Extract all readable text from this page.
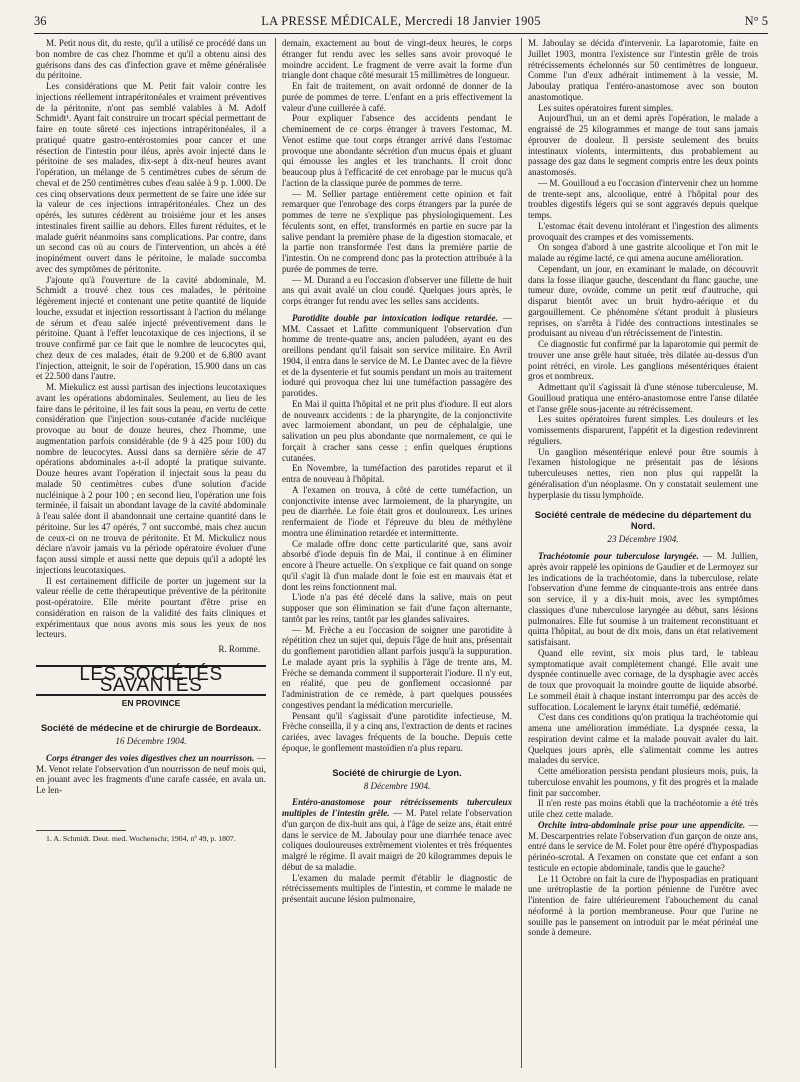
36	LA PRESSE MÉDICALE, Mercredi 18 Janvier 1905	N° 5

M. Petit nous dit, du reste, qu'il a utilisé ce procédé dans un bon nombre de cas chez l'homme et qu'il a obtenu ainsi des guérisons dans des cas d'infection grave et même généralisée du péritoine.

Les considérations que M. Petit fait valoir contre les injections réellement intrapéritonéales et vraiment préventives de la péritonite, n'ont pas semblé valables à M. Adolf Schmidt¹. Ayant fait construire un trocart spécial permettant de faire en toute sûreté ces injections intrapéritonéales, il a pratiqué quatre gastro-entérostomies pour cancer et une résection de l'intestin pour iléus, après avoir injecté dans le péritoine de ses malades, dix-sept à dix-neuf heures avant l'opération, un mélange de 5 centimètres cubes de sérum de cheval et de 250 centimètres cubes d'eau salée à 9 p. 1.000. De ces cinq observations deux permettent de se faire une idée sur la valeur de ces injections intrapéritonéales. Chez un des opérés, les sutures cédèrent au troisième jour et les anses intestinales firent saillie au dehors. Elles furent réduites, et le malade guérit néanmoins sans complications. Par contre, dans un second cas où au cours de l'intervention, un abcès a été inopinément ouvert dans le péritoine, le malade succomba avec des symptômes de péritonite.

J'ajoute qu'à l'ouverture de la cavité abdominale, M. Schmidt a trouvé chez tous ces malades, le péritoine légèrement injecté et contenant une petite quantité de liquide louche, exsudat et injection ressortissant à l'action du mélange de sérum et d'eau salée injecté préventivement dans le péritoine. Quant à l'effet leucotaxique de ces injections, il se trouve confirmé par ce fait que le nombre de leucocytes qui, chez deux de ces malades, était de 9.200 et de 6.800 avant l'injection, atteignit, le soir de l'opération, 15.900 dans un cas et 22.500 dans l'autre.

M. Miekulicz est aussi partisan des injections leucotaxiques avant les opérations abdominales. Seulement, au lieu de les faire dans le péritoine, il les fait sous la peau, en vertu de cette considération que l'injection sous-cutanée d'acide nucléique provoque au bout de douze heures, chez l'homme, une augmentation parfois considérable (de 9 à 425 pour 100) du nombre de leucocytes. Aussi dans sa dernière série de 47 opérations abdominales a-t-il adopté la pratique suivante. Douze heures avant l'opération il injectait sous la peau du malade 50 centimètres cubes d'une solution d'acide nucléinique à 2 pour 100 ; en second lieu, l'opération une fois terminée, il faisait un abondant lavage de la cavité abdominale à l'eau salée dont il abandonnait une certaine quantité dans le péritoine. Sur les 47 opérés, 7 ont succombé, mais chez aucun de ceux-ci on ne trouva de péritonite. Et M. Mickulicz nous déclare n'avoir jamais vu la période opératoire évoluer d'une façon aussi simple et aussi nette que depuis qu'il a adopté les injections leucotaxiques.

Il est certainement difficile de porter un jugement sur la valeur réelle de cette thérapeutique préventive de la péritonite post-opératoire. Elle mérite pourtant d'être prise en considération en raison de la validité des faits cliniques et expérimentaux que nous avons mis sous les yeux de nos lecteurs.

R. Romme.

LES SOCIÉTÉS SAVANTES
EN PROVINCE
Société de médecine et de chirurgie de Bordeaux.
16 Décembre 1904.

Corps étranger des voies digestives chez un nourrisson. — M. Venot relate l'observation d'un nourrisson de neuf mois qui, en jouant avec les fragments d'une carafe cassée, en avala un. Le len-

1. A. Schmidt. Deut. med. Wochenschr, 1904, nº 49, p. 1807.

demain, exactement au bout de vingt-deux heures, le corps étranger fut rendu avec les selles sans avoir provoqué le moindre accident. Le fragment de verre avait la forme d'un triangle dont chaque côté mesurait 15 millimètres de longueur.

En fait de traitement, on avait ordonné de donner de la purée de pommes de terre. L'enfant en a pris effectivement la valeur d'une cuillerée à café.

Pour expliquer l'absence des accidents pendant le cheminement de ce corps étranger à travers l'estomac, M. Venot estime que tout corps étranger arrivé dans l'estomac provoque une abondante sécrétion d'un mucus épais et gluant qui émousse les angles et les tranchants. Il croit donc beaucoup plus à l'efficacité de cet enrobage par le mucus qu'à l'action de la classique purée de pommes de terre.

— M. Sellier partage entièrement cette opinion et fait remarquer que l'enrobage des corps étrangers par la purée de pommes de terre ne s'explique pas physiologiquement. Les féculents sont, en effet, transformés en partie en sucre par la salive pendant la première phase de la digestion stomacale, et la partie non transformée l'est dans la première partie de l'intestin. On ne comprend donc pas la protection attribuée à la purée de pommes de terre.

— M. Durand a eu l'occasion d'observer une fillette de huit ans qui avait avalé un clou coudé. Quelques jours après, le corps étranger fut rendu avec les selles sans accidents.

Parotidite double par intoxication iodique retardée. — MM. Cassaet et Lafitte communiquent l'observation d'un homme de trente-quatre ans, ancien paludéen, ayant eu des oreillons pendant qu'il faisait son service militaire. En Avril 1904, il entra dans le service de M. Le Dantec avec de la fièvre et de la dysenterie et fut soumis pendant un mois au traitement ioduré qui provoqua chez lui une tuméfaction passagère des parotides.

En Mai il quitta l'hôpital et ne prit plus d'iodure. Il eut alors de nouveaux accidents : de la pharyngite, de la conjonctivite avec larmoiement abondant, un peu de céphalalgie, une salivation un peu plus abondante que normalement, ce qui le forçait à cracher sans cesse ; enfin quelques éruptions cutanées.

En Novembre, la tuméfaction des parotides reparut et il entra de nouveau à l'hôpital.

A l'examen on trouva, à côté de cette tuméfaction, un conjonctivite intense avec larmoiement, de la pharyngite, un peu de diarrhée. Le foie était gros et douloureux. Les urines renfermaient de l'iode et l'épreuve du bleu de méthylène montra une élimination retardée et intermittente.

Ce malade offre donc cette particularité que, sans avoir absorbé d'iode depuis fin de Mai, il continue à en éliminer encore à l'heure actuelle. On s'explique ce fait quand on songe qu'il s'agit là d'un malade dont le foie est en mauvais état et dont les reins fonctionnent mal.

L'iode n'a pas été décelé dans la salive, mais on peut supposer que son élimination se fait d'une façon alternante, tantôt par les reins, tantôt par les glandes salivaires.

— M. Frèche a eu l'occasion de soigner une parotidite à répétition chez un sujet qui, depuis l'âge de huit ans, présentait du gonflement parotidien allant parfois jusqu'à la suppuration. Le malade ayant pris la syphilis à l'âge de trente ans, M. Frèche se demanda comment il supporterait l'iodure. Il n'y eut, en réalité, que peu de gonflement occasionné par l'administration de ce remède, à part quelques poussées congestives pendant la médication mercurielle.

Pensant qu'il s'agissait d'une parotidite infectieuse, M. Frèche conseilla, il y a cinq ans, l'extraction de dents et racines cariées, avec lavages fréquents de la bouche. Depuis cette époque, le gonflement mastoïdien n'a plus reparu.

Société de chirurgie de Lyon.
8 Décembre 1904.

Entéro-anastomose pour rétrécissements tuberculeux multiples de l'intestin grêle. — M. Patel relate l'observation d'un garçon de dix-huit ans qui, à l'âge de seize ans, était entré dans le service de M. Jaboulay pour une diarrhée tenace avec coliques douloureuses extrêmement violentes et très fréquentes malgré le régime. Il avait maigri de 20 kilogrammes depuis le début de sa maladie.

L'examen du malade permit d'établir le diagnostic de rétrécissements multiples de l'intestin, et comme le malade ne présentait aucune lésion pulmonaire,

M. Jaboulay se décida d'intervenir. La laparotomie, faite en Juillet 1903, montra l'existence sur l'intestin grêle de trois rétrécissements échelonnés sur 50 centimètres de longueur. Comme l'un d'eux adhérait intimement à la vessie, M. Jaboulay pratiqua l'entéro-anastomose avec son bouton anastomotique.

Les suites opératoires furent simples.

Aujourd'hui, un an et demi après l'opération, le malade a engraissé de 25 kilogrammes et mange de tout sans jamais éprouver de douleur. Il persiste seulement des bruits intestinaux violents, intermittents, dus probablement au passage des gaz dans le segment compris entre les deux points anastomosés.

— M. Gouilloud a eu l'occasion d'intervenir chez un homme de trente-sept ans, alcoolique, entré à l'hôpital pour des troubles digestifs légers qui se sont aggravés depuis quelque temps.

L'estomac était devenu intolérant et l'ingestion des aliments provoquait des crampes et des vomissements.

On songea d'abord à une gastrite alcoolique et l'on mit le malade au régime lacté, ce qui amena aucune amélioration.

Cependant, un jour, en examinant le malade, on découvrit dans la fosse iliaque gauche, descendant du flanc gauche, une tumeur dure, ovoïde, comme un petit œuf d'autruche, qui disparut bientôt avec un bruit hydro-aérique et du gargouillement. Ce phénomène s'étant produit à plusieurs reprises, on s'arrêta à l'idée des contractions intestinales se produisant au niveau d'un rétrécissement de l'intestin.

Ce diagnostic fut confirmé par la laparotomie qui permit de trouver une anse grêle haut située, très dilatée au-dessus d'un point rétréci, en virole. Les ganglions mésentériques étaient gros et nombreux.

Admettant qu'il s'agissait là d'une sténose tuberculeuse, M. Gouilloud pratiqua une entéro-anastomose entre l'anse dilatée et l'anse grêle sous-jacente au rétrécissement.

Les suites opératoires furent simples. Les douleurs et les vomissements disparurent, l'appétit et la digestion redevinrent réguliers.

Un ganglion mésentérique enlevé pour être soumis à l'examen histologique ne présentait pas de lésions tuberculeuses nettes, rien non plus qui rappelât la généralisation d'un néoplasme. On y constatait seulement une hyperplasie du tissu lymphoïde.

Société centrale de médecine du département du Nord.
23 Décembre 1904.

Trachéotomie pour tuberculose laryngée. — M. Jullien, après avoir rappelé les opinions de Gaudier et de Lermoyez sur les indications de la trachéotomie, dans la tuberculose, relate l'observation d'une femme de cinquante-trois ans entrée dans son service, il y a dix-huit mois, avec les symptômes classiques d'une tuberculose laryngée au début, sans lésions pulmonaires. Elle fut soumise à un traitement reconstituant et quitta l'hôpital, au bout de dix mois, dans un état relativement satisfaisant.

Quand elle revint, six mois plus tard, le tableau symptomatique avait complètement changé. Elle avait une dyspnée continuelle avec cornage, de la dysphagie avec accès de toux que provoquait la moindre goutte de liquide absorbé. Le sommeil était à chaque instant interrompu par des accès de suffocation. Localement le larynx était tuméfié, œdématié.

C'est dans ces conditions qu'on pratiqua la trachéotomie qui amena une amélioration immédiate. La dyspnée cessa, la respiration devint calme et la malade pouvait avaler du lait. Quelques jours après, elle s'alimentait comme les autres malades du service.

Cette amélioration persista pendant plusieurs mois, puis, la tuberculose envahit les poumons, y fit des progrès et la malade finit par succomber.

Il n'en reste pas moins établi que la trachéotomie a été très utile chez cette malade.

Orchite intra-abdominale prise pour une appendicite. — M. Descarpentries relate l'observation d'un garçon de onze ans, entré dans le service de M. Folet pour être opéré d'hypospadias périnéo-scrotal. A l'examen on constate que cet enfant a son testicule en ectopie abdominale, tandis que le gauche?

Le 11 Octobre on fait la cure de l'hypospadias en pratiquant une urétroplastie de la portion pénienne de l'urètre avec l'intention de faire ultérieurement l'abouchement du canal néoformé à la portion membraneuse. Pour que l'urine ne souille pas le pansement on introduit par le méat périnéal une sonde à demeure.
